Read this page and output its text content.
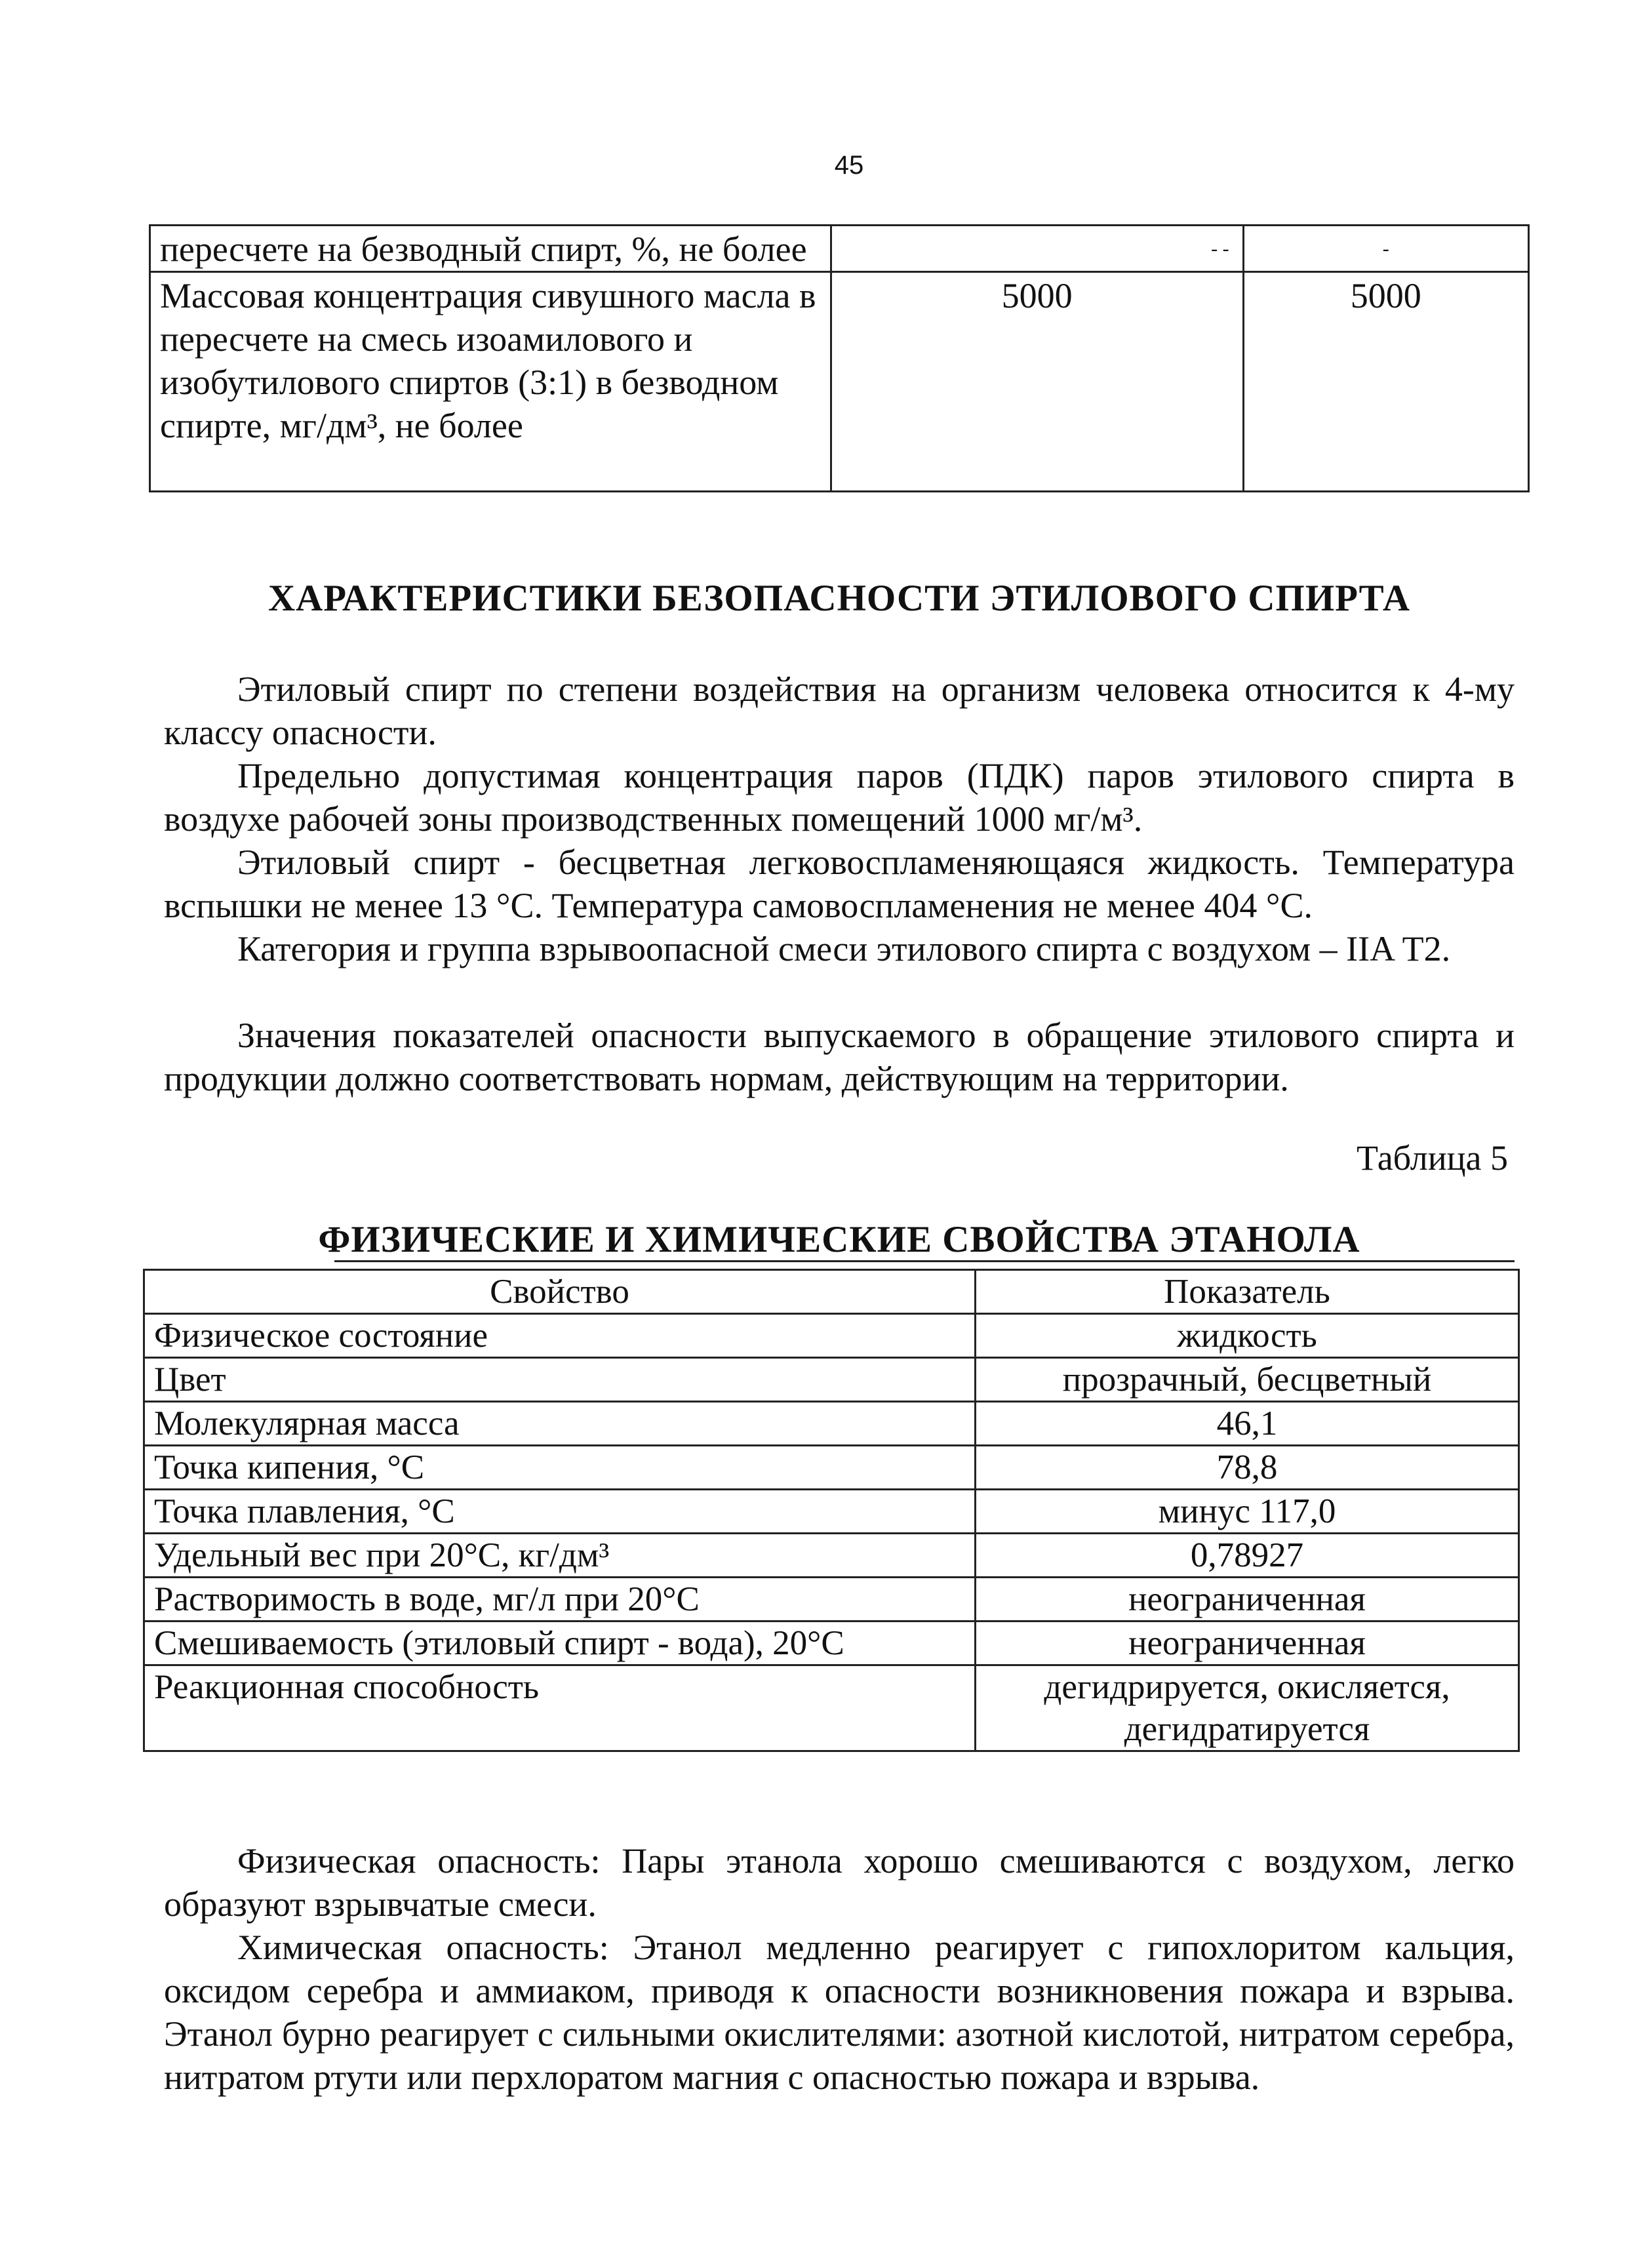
45
пересчете на безводный спирт, %, не более	- -	-
Массовая концентрация сивушного масла в пересчете на смесь изоамилового и изобутилового спиртов (3:1) в безводном спирте, мг/дм³, не более	5000	5000
ХАРАКТЕРИСТИКИ БЕЗОПАСНОСТИ ЭТИЛОВОГО СПИРТА
Этиловый спирт по степени воздействия на организм человека относится к 4-му классу опасности.
Предельно допустимая концентрация паров (ПДК) паров этилового спирта в воздухе рабочей зоны производственных помещений 1000 мг/м³.
Этиловый спирт - бесцветная легковоспламеняющаяся жидкость. Температура вспышки не менее 13 °С. Температура самовоспламенения не менее 404 °С.
Категория и группа взрывоопасной смеси этилового спирта с воздухом – IIA Т2.
Значения показателей опасности выпускаемого в обращение этилового спирта и продукции должно соответствовать нормам, действующим на территории.
Таблица 5
ФИЗИЧЕСКИЕ И ХИМИЧЕСКИЕ СВОЙСТВА ЭТАНОЛА
Свойство	Показатель
Физическое состояние	жидкость
Цвет	прозрачный, бесцветный
Молекулярная масса	46,1
Точка кипения, °С	78,8
Точка плавления, °С	минус 117,0
Удельный вес при 20°С, кг/дм³	0,78927
Растворимость в воде, мг/л при 20°С	неограниченная
Смешиваемость (этиловый спирт - вода), 20°С	неограниченная
Реакционная способность	дегидрируется, окисляется, дегидратируется
Физическая опасность: Пары этанола хорошо смешиваются с воздухом, легко образуют взрывчатые смеси.
Химическая опасность: Этанол медленно реагирует с гипохлоритом кальция, оксидом серебра и аммиаком, приводя к опасности возникновения пожара и взрыва. Этанол бурно реагирует с сильными окислителями: азотной кислотой, нитратом серебра, нитратом ртути или перхлоратом магния с опасностью пожара и взрыва.
